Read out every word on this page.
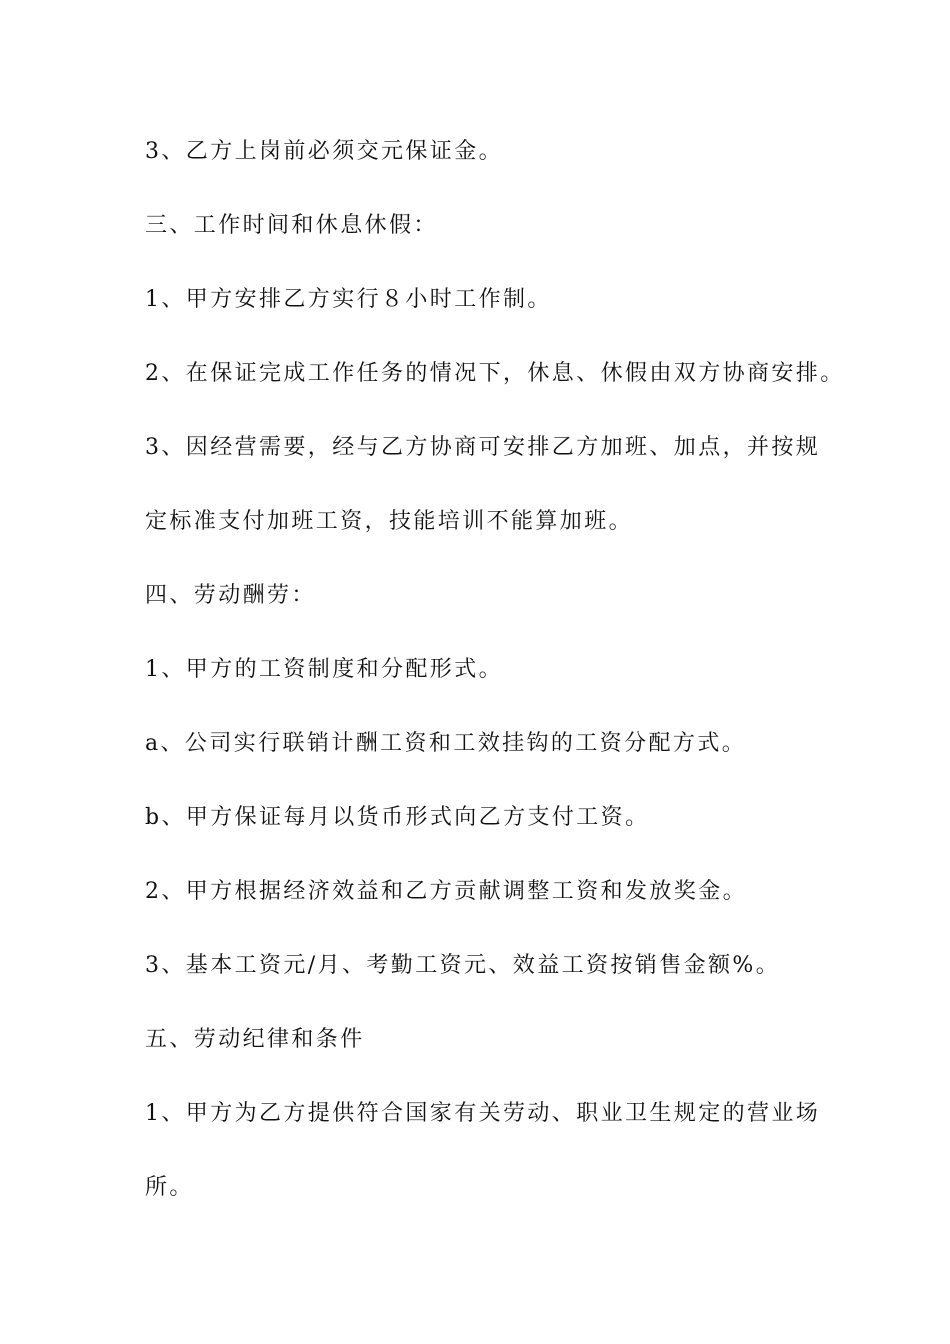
3、乙方上岗前必须交元保证金。
三、工作时间和休息休假：
1、甲方安排乙方实行８小时工作制。
2、在保证完成工作任务的情况下，休息、休假由双方协商安排。
3、因经营需要，经与乙方协商可安排乙方加班、加点，并按规
定标准支付加班工资，技能培训不能算加班。
四、劳动酬劳：
1、甲方的工资制度和分配形式。
a、公司实行联销计酬工资和工效挂钩的工资分配方式。
b、甲方保证每月以货币形式向乙方支付工资。
2、甲方根据经济效益和乙方贡献调整工资和发放奖金。
3、基本工资元/月、考勤工资元、效益工资按销售金额%。
五、劳动纪律和条件
1、甲方为乙方提供符合国家有关劳动、职业卫生规定的营业场
所。
